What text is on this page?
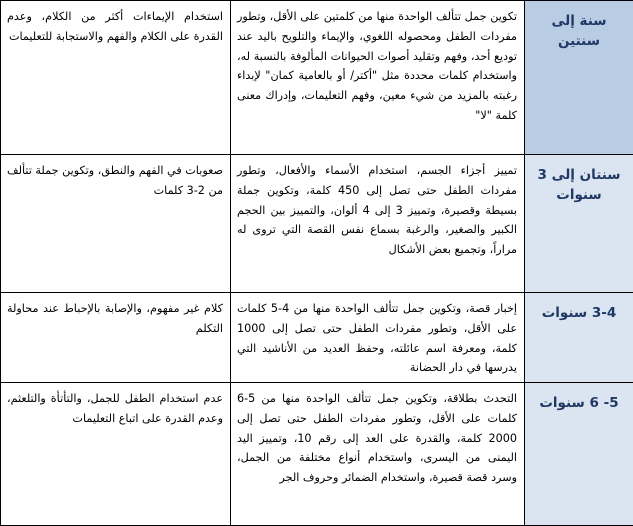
سنة إلى سنتين	تكوين جمل تتألف الواحدة منها من كلمتين على الأقل، وتطور مفردات الطفل ومحصوله اللغوي، والإيماء والتلويح باليد عند توديع أحد، وفهم وتقليد أصوات الحيوانات المألوفة بالنسبة له، واستخدام كلمات محددة مثل "أكتر/ أو بالعامية كمان" لإبداء رغبته بالمزيد من شيء معين، وفهم التعليمات، وإدراك معنى كلمة "لا"	استخدام الإيماءات أكثر من الكلام، وعدم القدرة على الكلام والفهم والاستجابة للتعليمات

سنتان إلى 3 سنوات	تمييز أجزاء الجسم، استخدام الأسماء والأفعال، وتطور مفردات الطفل حتى تصل إلى 450 كلمة، وتكوين جملة بسيطة وقصيرة، وتمييز 3 إلى 4 ألوان، والتمييز بين الحجم الكبير والصغير، والرغبة بسماع نفس القصة التي تروى له مراراً، وتجميع بعض الأشكال	صعوبات في الفهم والنطق، وتكوين جملة تتألف من 2-3 كلمات

3-4 سنوات	إخبار قصة، وتكوين جمل تتألف الواحدة منها من 4-5 كلمات على الأقل، وتطور مفردات الطفل حتى تصل إلى 1000 كلمة، ومعرفة اسم عائلته، وحفظ العديد من الأناشيد التي يدرسها في دار الحضانة	كلام غير مفهوم، والإصابة بالإحباط عند محاولة التكلم

5- 6 سنوات	التحدث بطلاقة، وتكوين جمل تتألف الواحدة منها من 5-6 كلمات على الأقل، وتطور مفردات الطفل حتى تصل إلى 2000 كلمة، والقدرة على العد إلى رقم 10، وتمييز اليد اليمنى من اليسرى، واستخدام أنواع مختلفة من الجمل، وسرد قصة قصيرة، واستخدام الضمائر وحروف الجر	عدم استخدام الطفل للجمل، والتأتأة والتلعثم، وعدم القدرة على اتباع التعليمات
